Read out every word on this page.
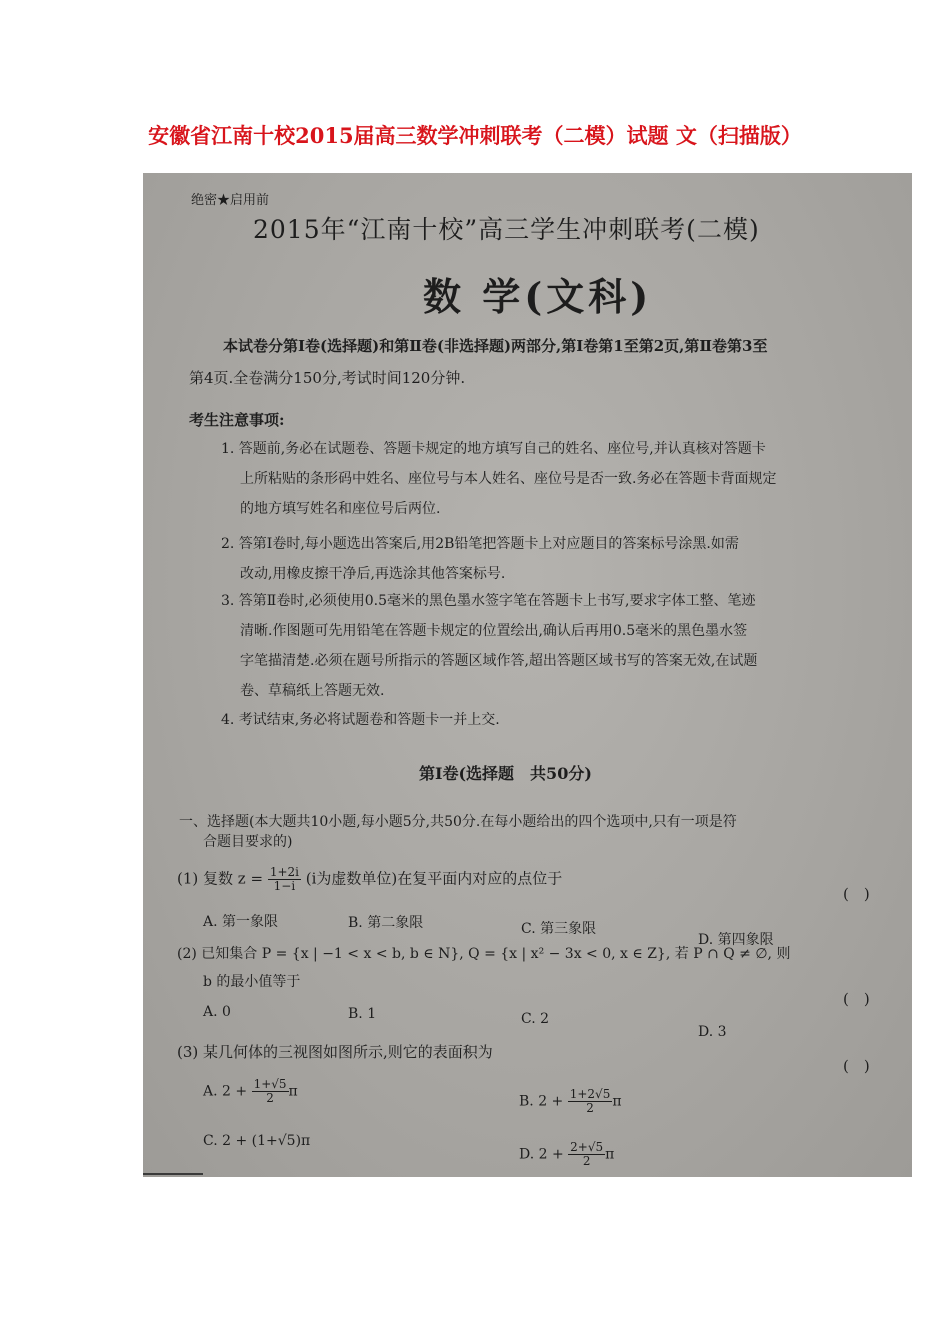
安徽省江南十校2015届高三数学冲刺联考（二模）试题 文（扫描版）
绝密★启用前
2015年“江南十校”高三学生冲刺联考(二模)
数 学(文科)
本试卷分第Ⅰ卷(选择题)和第Ⅱ卷(非选择题)两部分,第Ⅰ卷第1至第2页,第Ⅱ卷第3至
第4页.全卷满分150分,考试时间120分钟.
考生注意事项:
1. 答题前,务必在试题卷、答题卡规定的地方填写自己的姓名、座位号,并认真核对答题卡
上所粘贴的条形码中姓名、座位号与本人姓名、座位号是否一致.务必在答题卡背面规定
的地方填写姓名和座位号后两位.
2. 答第Ⅰ卷时,每小题选出答案后,用2B铅笔把答题卡上对应题目的答案标号涂黑.如需
改动,用橡皮擦干净后,再选涂其他答案标号.
3. 答第Ⅱ卷时,必须使用0.5毫米的黑色墨水签字笔在答题卡上书写,要求字体工整、笔迹
清晰.作图题可先用铅笔在答题卡规定的位置绘出,确认后再用0.5毫米的黑色墨水签
字笔描清楚.必须在题号所指示的答题区域作答,超出答题区域书写的答案无效,在试题
卷、草稿纸上答题无效.
4. 考试结束,务必将试题卷和答题卡一并上交.
第Ⅰ卷(选择题　共50分)
一、选择题(本大题共10小题,每小题5分,共50分.在每小题给出的四个选项中,只有一项是符
合题目要求的)
(1) 复数 $z = \frac{1+2i}{1-i} (i$为虚数单位)在复平面内对应的点位于
(　)
A. 第一象限	B. 第二象限	C. 第三象限
D. 第四象限
(2) 已知集合 P = {x | −1 < x < b, b ∈ N}, Q = {x | x² − 3x < 0, x ∈ Z}, 若 P ∩ Q ≠ ∅, 则
b 的最小值等于
(　)
A. 0	B. 1	C. 2
D. 3
(3) 某几何体的三视图如图所示,则它的表面积为
(　)
A. $2 + \frac{1+√5}{2}$ π
B. $2 + \frac{1+2√5}{2}$ π
C. 2 + (1+√5)π
D. $2 + \frac{2+√5}{2}$ π
